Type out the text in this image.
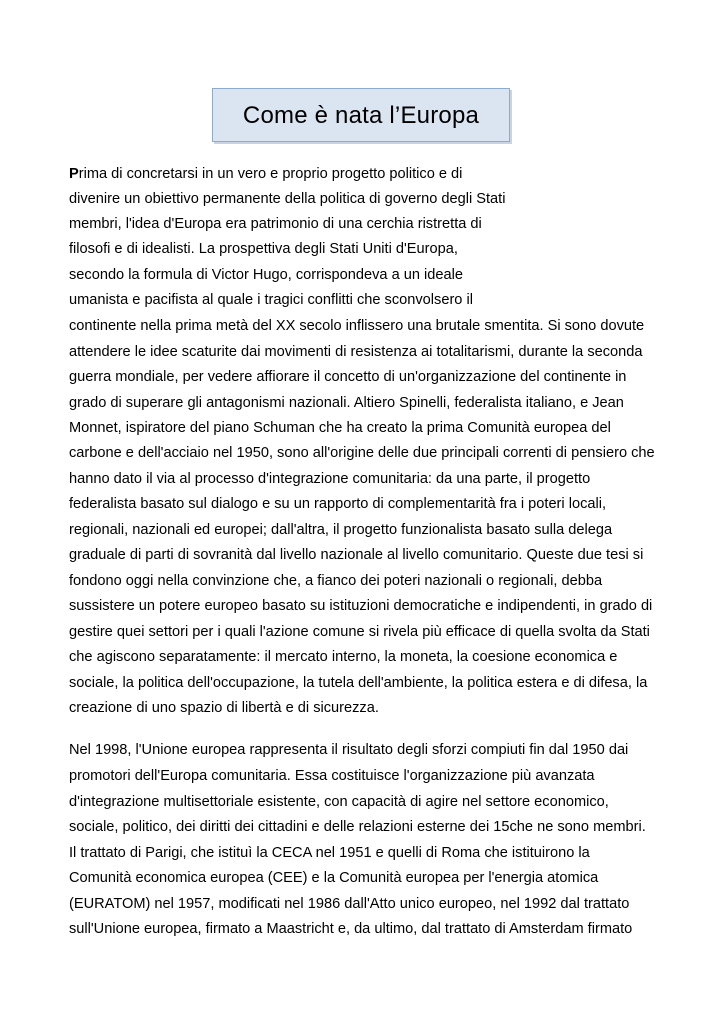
Come è nata l’Europa
Prima di concretarsi in un vero e proprio progetto politico e di
divenire un obiettivo permanente della politica di governo degli Stati
membri, l'idea d'Europa era patrimonio di una cerchia ristretta di
filosofi e di idealisti. La prospettiva degli Stati Uniti d'Europa,
secondo la formula di Victor Hugo, corrispondeva a un ideale
umanista e pacifista al quale i tragici conflitti che sconvolsero il
continente nella prima metà del XX secolo inflissero una brutale smentita. Si sono dovute
attendere le idee scaturite dai movimenti di resistenza ai totalitarismi, durante la seconda
guerra mondiale, per vedere affiorare il concetto di un'organizzazione del continente in
grado di superare gli antagonismi nazionali. Altiero Spinelli, federalista italiano, e Jean
Monnet, ispiratore del piano Schuman che ha creato la prima Comunità europea del
carbone e dell'acciaio nel 1950, sono all'origine delle due principali correnti di pensiero che
hanno dato il via al processo d'integrazione comunitaria: da una parte, il progetto
federalista basato sul dialogo e su un rapporto di complementarità fra i poteri locali,
regionali, nazionali ed europei; dall'altra, il progetto funzionalista basato sulla delega
graduale di parti di sovranità dal livello nazionale al livello comunitario. Queste due tesi si
fondono oggi nella convinzione che, a fianco dei poteri nazionali o regionali, debba
sussistere un potere europeo basato su istituzioni democratiche e indipendenti, in grado di
gestire quei settori per i quali l'azione comune si rivela più efficace di quella svolta da Stati
che agiscono separatamente: il mercato interno, la moneta, la coesione economica e
sociale, la politica dell'occupazione, la tutela dell'ambiente, la politica estera e di difesa, la
creazione di uno spazio di libertà e di sicurezza.
Nel 1998, l'Unione europea rappresenta il risultato degli sforzi compiuti fin dal 1950 dai
promotori dell'Europa comunitaria. Essa costituisce l'organizzazione più avanzata
d'integrazione multisettoriale esistente, con capacità di agire nel settore economico,
sociale, politico, dei diritti dei cittadini e delle relazioni esterne dei 15che ne sono membri.
Il trattato di Parigi, che istituì la CECA nel 1951 e quelli di Roma che istituirono la
Comunità economica europea (CEE) e la Comunità europea per l'energia atomica
(EURATOM) nel 1957, modificati nel 1986 dall'Atto unico europeo, nel 1992 dal trattato
sull'Unione europea, firmato a Maastricht e, da ultimo, dal trattato di Amsterdam firmato
